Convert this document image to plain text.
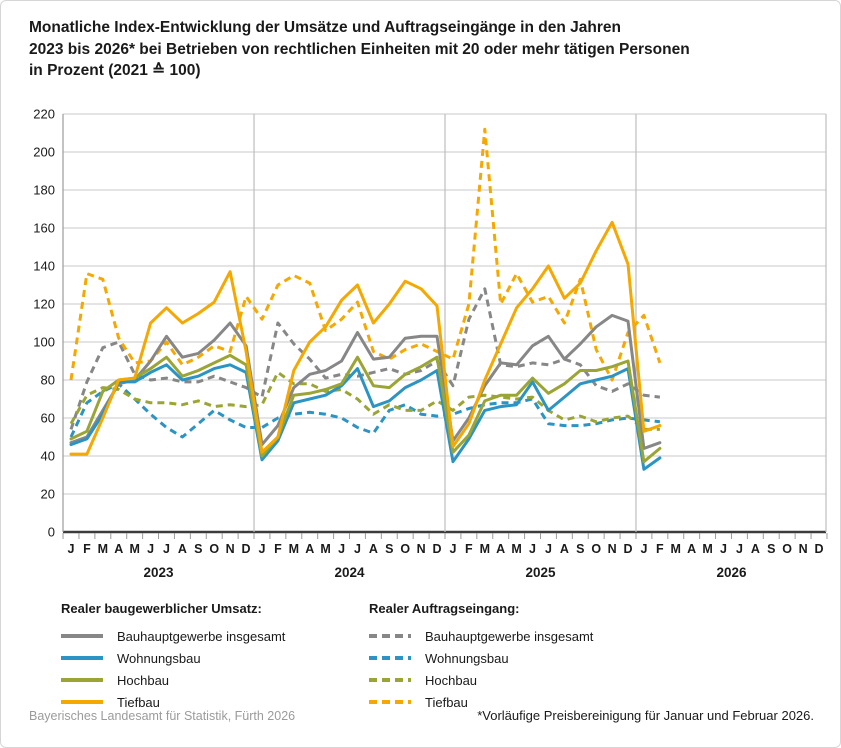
Monatliche Index-Entwicklung der Umsätze und Auftragseingänge in den Jahren
2023 bis 2026* bei Betrieben von rechtlichen Einheiten mit 20 oder mehr tätigen Personen
in Prozent (2021 ≙ 100)
0
20
40
60
80
100
120
140
160
180
200
220
J F M A M J J A S O N D J F M A M J J A S O N D J F M A M J J A S O N D J F M A M J J A S O N D
2023	2024	2025	2026
Realer baugewerblicher Umsatz:
Bauhauptgewerbe insgesamt
Wohnungsbau
Hochbau
Tiefbau
Realer Auftragseingang:
Bauhauptgewerbe insgesamt
Wohnungsbau
Hochbau
Tiefbau
Bayerisches Landesamt für Statistik, Fürth 2026	*Vorläufige Preisbereinigung für Januar und Februar 2026.
